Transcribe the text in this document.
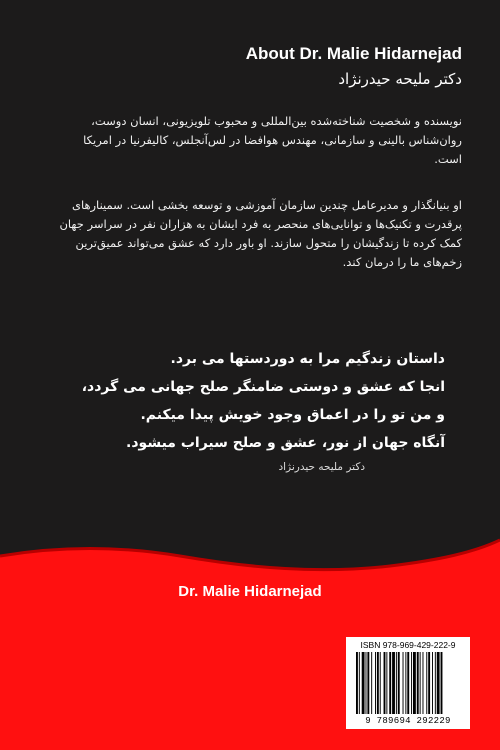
About Dr. Malie Hidarnejad

دکتر ملیحه حیدرنژاد

نویسنده و شخصیت شناخته‌شده بین‌المللی و محبوب تلویزیونی، انسان دوست، روان‌شناس بالینی و سازمانی، مهندس هوافضا در لس‌آنجلس، کالیفرنیا در امریکا است.

او بنیانگذار و مدیرعامل چندین سازمان آموزشی و توسعه بخشی است. سمینارهای پرقدرت و تکنیک‌ها و توانایی‌های منحصر به فرد ایشان به هزاران نفر در سراسر جهان کمک کرده تا زندگیشان را متحول سازند. او باور دارد که عشق می‌تواند عمیق‌ترین زخم‌های ما را درمان کند.

داستان زندگیم مرا به دوردستها می برد.

انجا که عشق و دوستی ضامنگر صلح جهانی می گردد،

و من تو را در اعماق وجود خویش پیدا میکنم.

آنگاه جهان از نور، عشق و صلح سیراب میشود.

دکتر ملیحه حیدرنژاد

Dr. Malie Hidarnejad

ISBN 978-969-429-222-9
9 789694 292229
